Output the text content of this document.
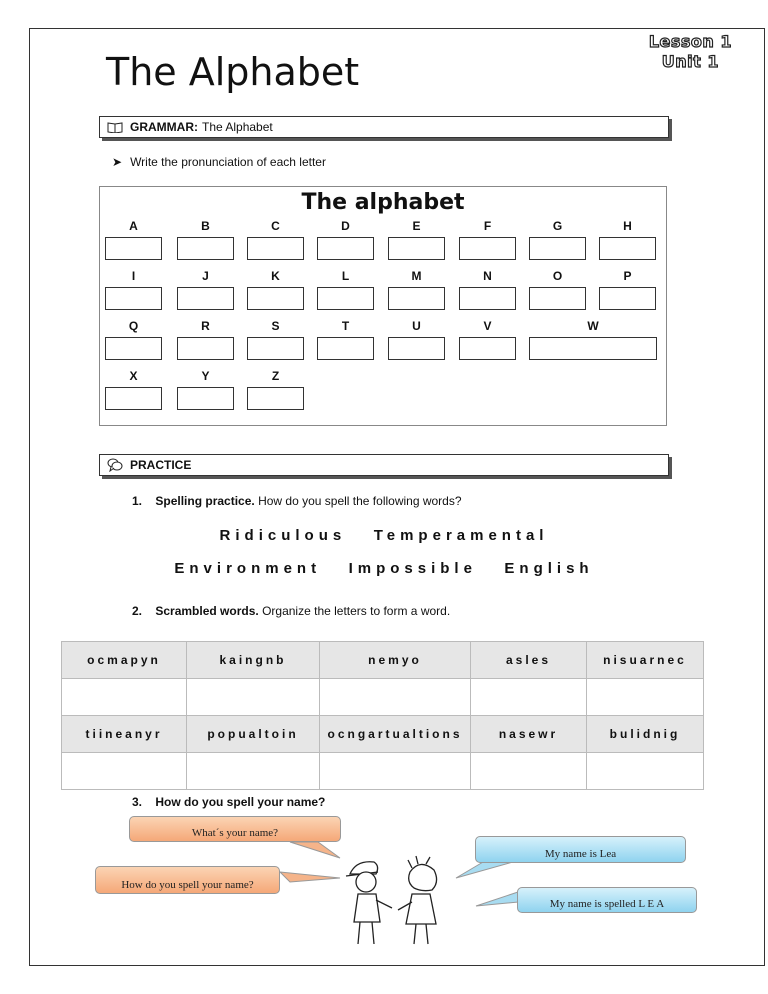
Lesson 1
Unit 1
The Alphabet
GRAMMAR: The Alphabet
➤ Write the pronunciation of each letter
The alphabet
A	B	C	D	E	F	G	H
I	J	K	L	M	N	O	P
Q	R	S	T	U	V	W
X	Y	Z
PRACTICE
1. Spelling practice. How do you spell the following words?
Ridiculous   Temperamental
Environment   Impossible   English
2. Scrambled words. Organize the letters to form a word.
ocmapyn	kaingnb	nemyo	asles	nisuarnec

tiineanyr	popualtoin	ocngartualtions	nasewr	bulidnig

3. How do you spell your name?
What´s your name?
How do you spell your name?
My name is Lea
My name is spelled L E A
